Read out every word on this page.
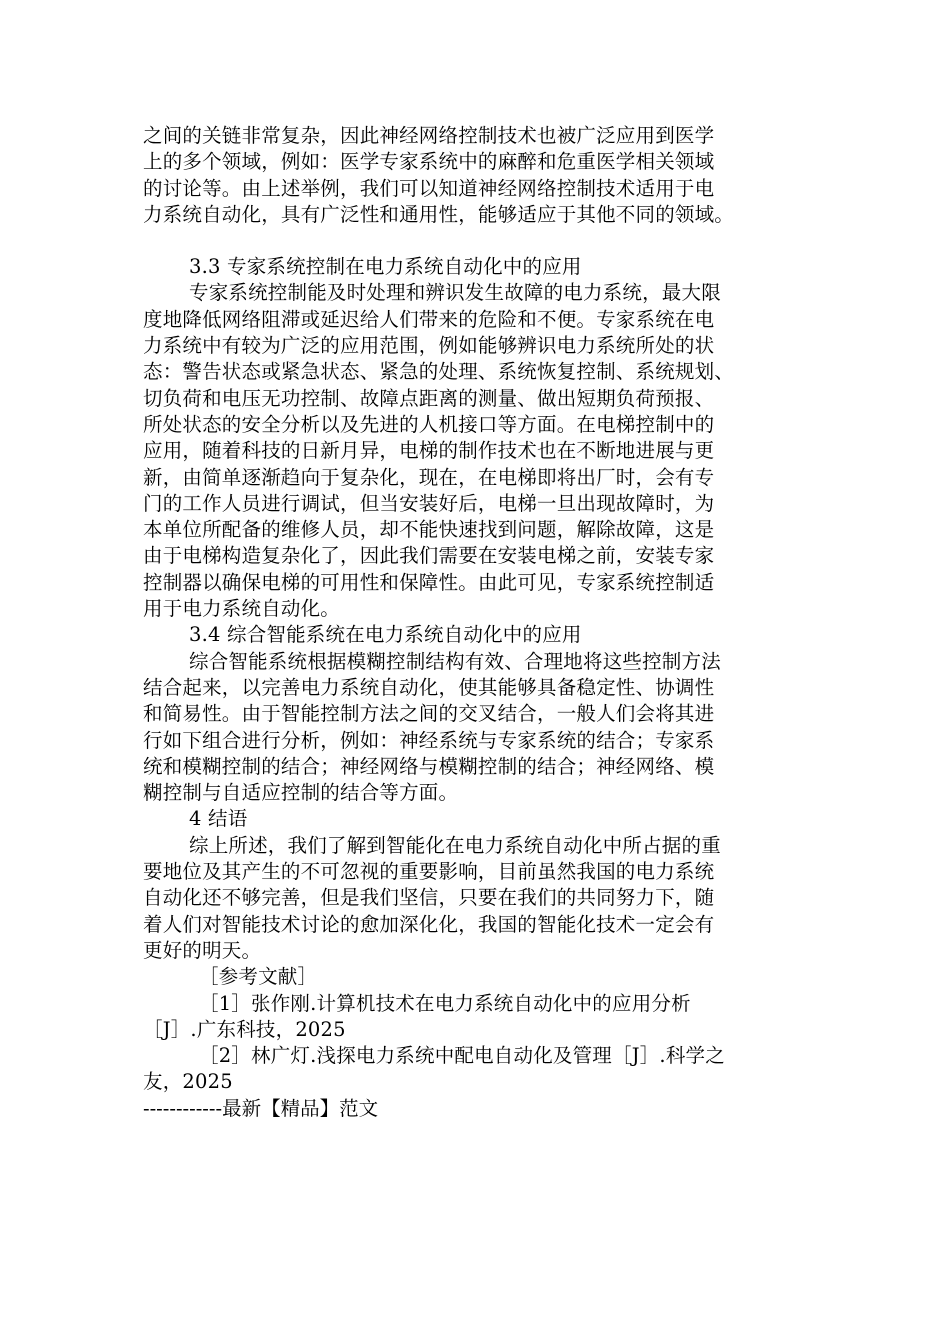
之间的关链非常复杂，因此神经网络控制技术也被广泛应用到医学
上的多个领域，例如：医学专家系统中的麻醉和危重医学相关领域
的讨论等。由上述举例，我们可以知道神经网络控制技术适用于电
力系统自动化，具有广泛性和通用性，能够适应于其他不同的领域。
3.3 专家系统控制在电力系统自动化中的应用
专家系统控制能及时处理和辨识发生故障的电力系统，最大限
度地降低网络阻滞或延迟给人们带来的危险和不便。专家系统在电
力系统中有较为广泛的应用范围，例如能够辨识电力系统所处的状
态：警告状态或紧急状态、紧急的处理、系统恢复控制、系统规划、
切负荷和电压无功控制、故障点距离的测量、做出短期负荷预报、
所处状态的安全分析以及先进的人机接口等方面。在电梯控制中的
应用，随着科技的日新月异，电梯的制作技术也在不断地进展与更
新，由简单逐渐趋向于复杂化，现在，在电梯即将出厂时，会有专
门的工作人员进行调试，但当安装好后，电梯一旦出现故障时，为
本单位所配备的维修人员，却不能快速找到问题，解除故障，这是
由于电梯构造复杂化了，因此我们需要在安装电梯之前，安装专家
控制器以确保电梯的可用性和保障性。由此可见，专家系统控制适
用于电力系统自动化。
3.4 综合智能系统在电力系统自动化中的应用
综合智能系统根据模糊控制结构有效、合理地将这些控制方法
结合起来，以完善电力系统自动化，使其能够具备稳定性、协调性
和简易性。由于智能控制方法之间的交叉结合，一般人们会将其进
行如下组合进行分析，例如：神经系统与专家系统的结合；专家系
统和模糊控制的结合；神经网络与模糊控制的结合；神经网络、模
糊控制与自适应控制的结合等方面。
4 结语
综上所述，我们了解到智能化在电力系统自动化中所占据的重
要地位及其产生的不可忽视的重要影响，目前虽然我国的电力系统
自动化还不够完善，但是我们坚信，只要在我们的共同努力下，随
着人们对智能技术讨论的愈加深化化，我国的智能化技术一定会有
更好的明天。
［参考文献］
［1］张作刚.计算机技术在电力系统自动化中的应用分析
［J］.广东科技，2025
［2］林广灯.浅探电力系统中配电自动化及管理［J］.科学之
友，2025
------------最新【精品】范文
